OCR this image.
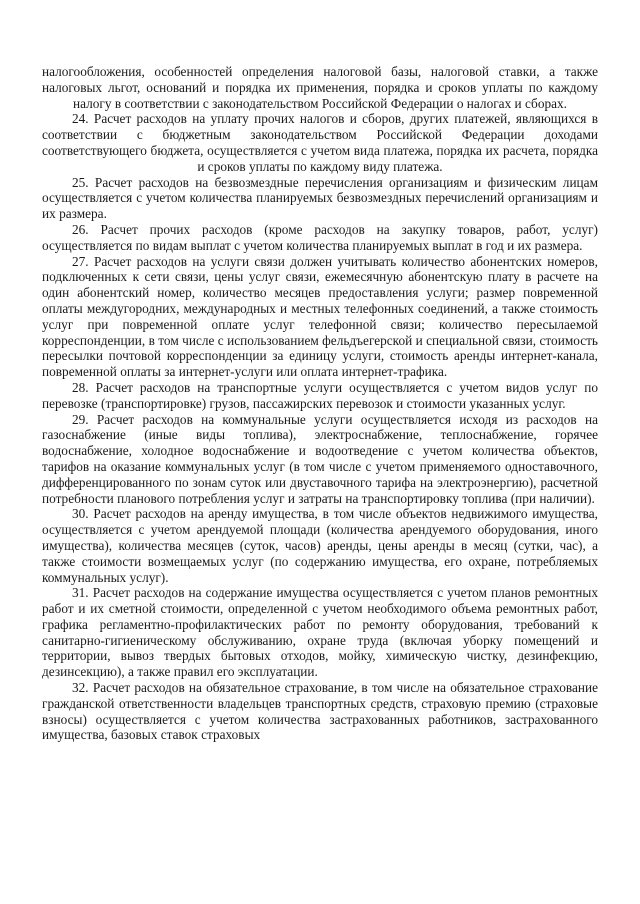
налогообложения, особенностей определения налоговой базы, налоговой ставки, а также налоговых льгот, оснований и порядка их применения, порядка и сроков уплаты по каждому налогу в соответствии с законодательством Российской Федерации о налогах и сборах.

24. Расчет расходов на уплату прочих налогов и сборов, других платежей, являющихся в соответствии с бюджетным законодательством Российской Федерации доходами соответствующего бюджета, осуществляется с учетом вида платежа, порядка их расчета, порядка и сроков уплаты по каждому виду платежа.

25. Расчет расходов на безвозмездные перечисления организациям и физическим лицам осуществляется с учетом количества планируемых безвозмездных перечислений организациям и их размера.

26. Расчет прочих расходов (кроме расходов на закупку товаров, работ, услуг) осуществляется по видам выплат с учетом количества планируемых выплат в год и их размера.

27. Расчет расходов на услуги связи должен учитывать количество абонентских номеров, подключенных к сети связи, цены услуг связи, ежемесячную абонентскую плату в расчете на один абонентский номер, количество месяцев предоставления услуги; размер повременной оплаты междугородних, международных и местных телефонных соединений, а также стоимость услуг при повременной оплате услуг телефонной связи; количество пересылаемой корреспонденции, в том числе с использованием фельдъегерской и специальной связи, стоимость пересылки почтовой корреспонденции за единицу услуги, стоимость аренды интернет-канала, повременной оплаты за интернет-услуги или оплата интернет-трафика.

28. Расчет расходов на транспортные услуги осуществляется с учетом видов услуг по перевозке (транспортировке) грузов, пассажирских перевозок и стоимости указанных услуг.

29. Расчет расходов на коммунальные услуги осуществляется исходя из расходов на газоснабжение (иные виды топлива), электроснабжение, теплоснабжение, горячее водоснабжение, холодное водоснабжение и водоотведение с учетом количества объектов, тарифов на оказание коммунальных услуг (в том числе с учетом применяемого одноставочного, дифференцированного по зонам суток или двуставочного тарифа на электроэнергию), расчетной потребности планового потребления услуг и затраты на транспортировку топлива (при наличии).

30. Расчет расходов на аренду имущества, в том числе объектов недвижимого имущества, осуществляется с учетом арендуемой площади (количества арендуемого оборудования, иного имущества), количества месяцев (суток, часов) аренды, цены аренды в месяц (сутки, час), а также стоимости возмещаемых услуг (по содержанию имущества, его охране, потребляемых коммунальных услуг).

31. Расчет расходов на содержание имущества осуществляется с учетом планов ремонтных работ и их сметной стоимости, определенной с учетом необходимого объема ремонтных работ, графика регламентно-профилактических работ по ремонту оборудования, требований к санитарно-гигиеническому обслуживанию, охране труда (включая уборку помещений и территории, вывоз твердых бытовых отходов, мойку, химическую чистку, дезинфекцию, дезинсекцию), а также правил его эксплуатации.

32. Расчет расходов на обязательное страхование, в том числе на обязательное страхование гражданской ответственности владельцев транспортных средств, страховую премию (страховые взносы) осуществляется с учетом количества застрахованных работников, застрахованного имущества, базовых ставок страховых
